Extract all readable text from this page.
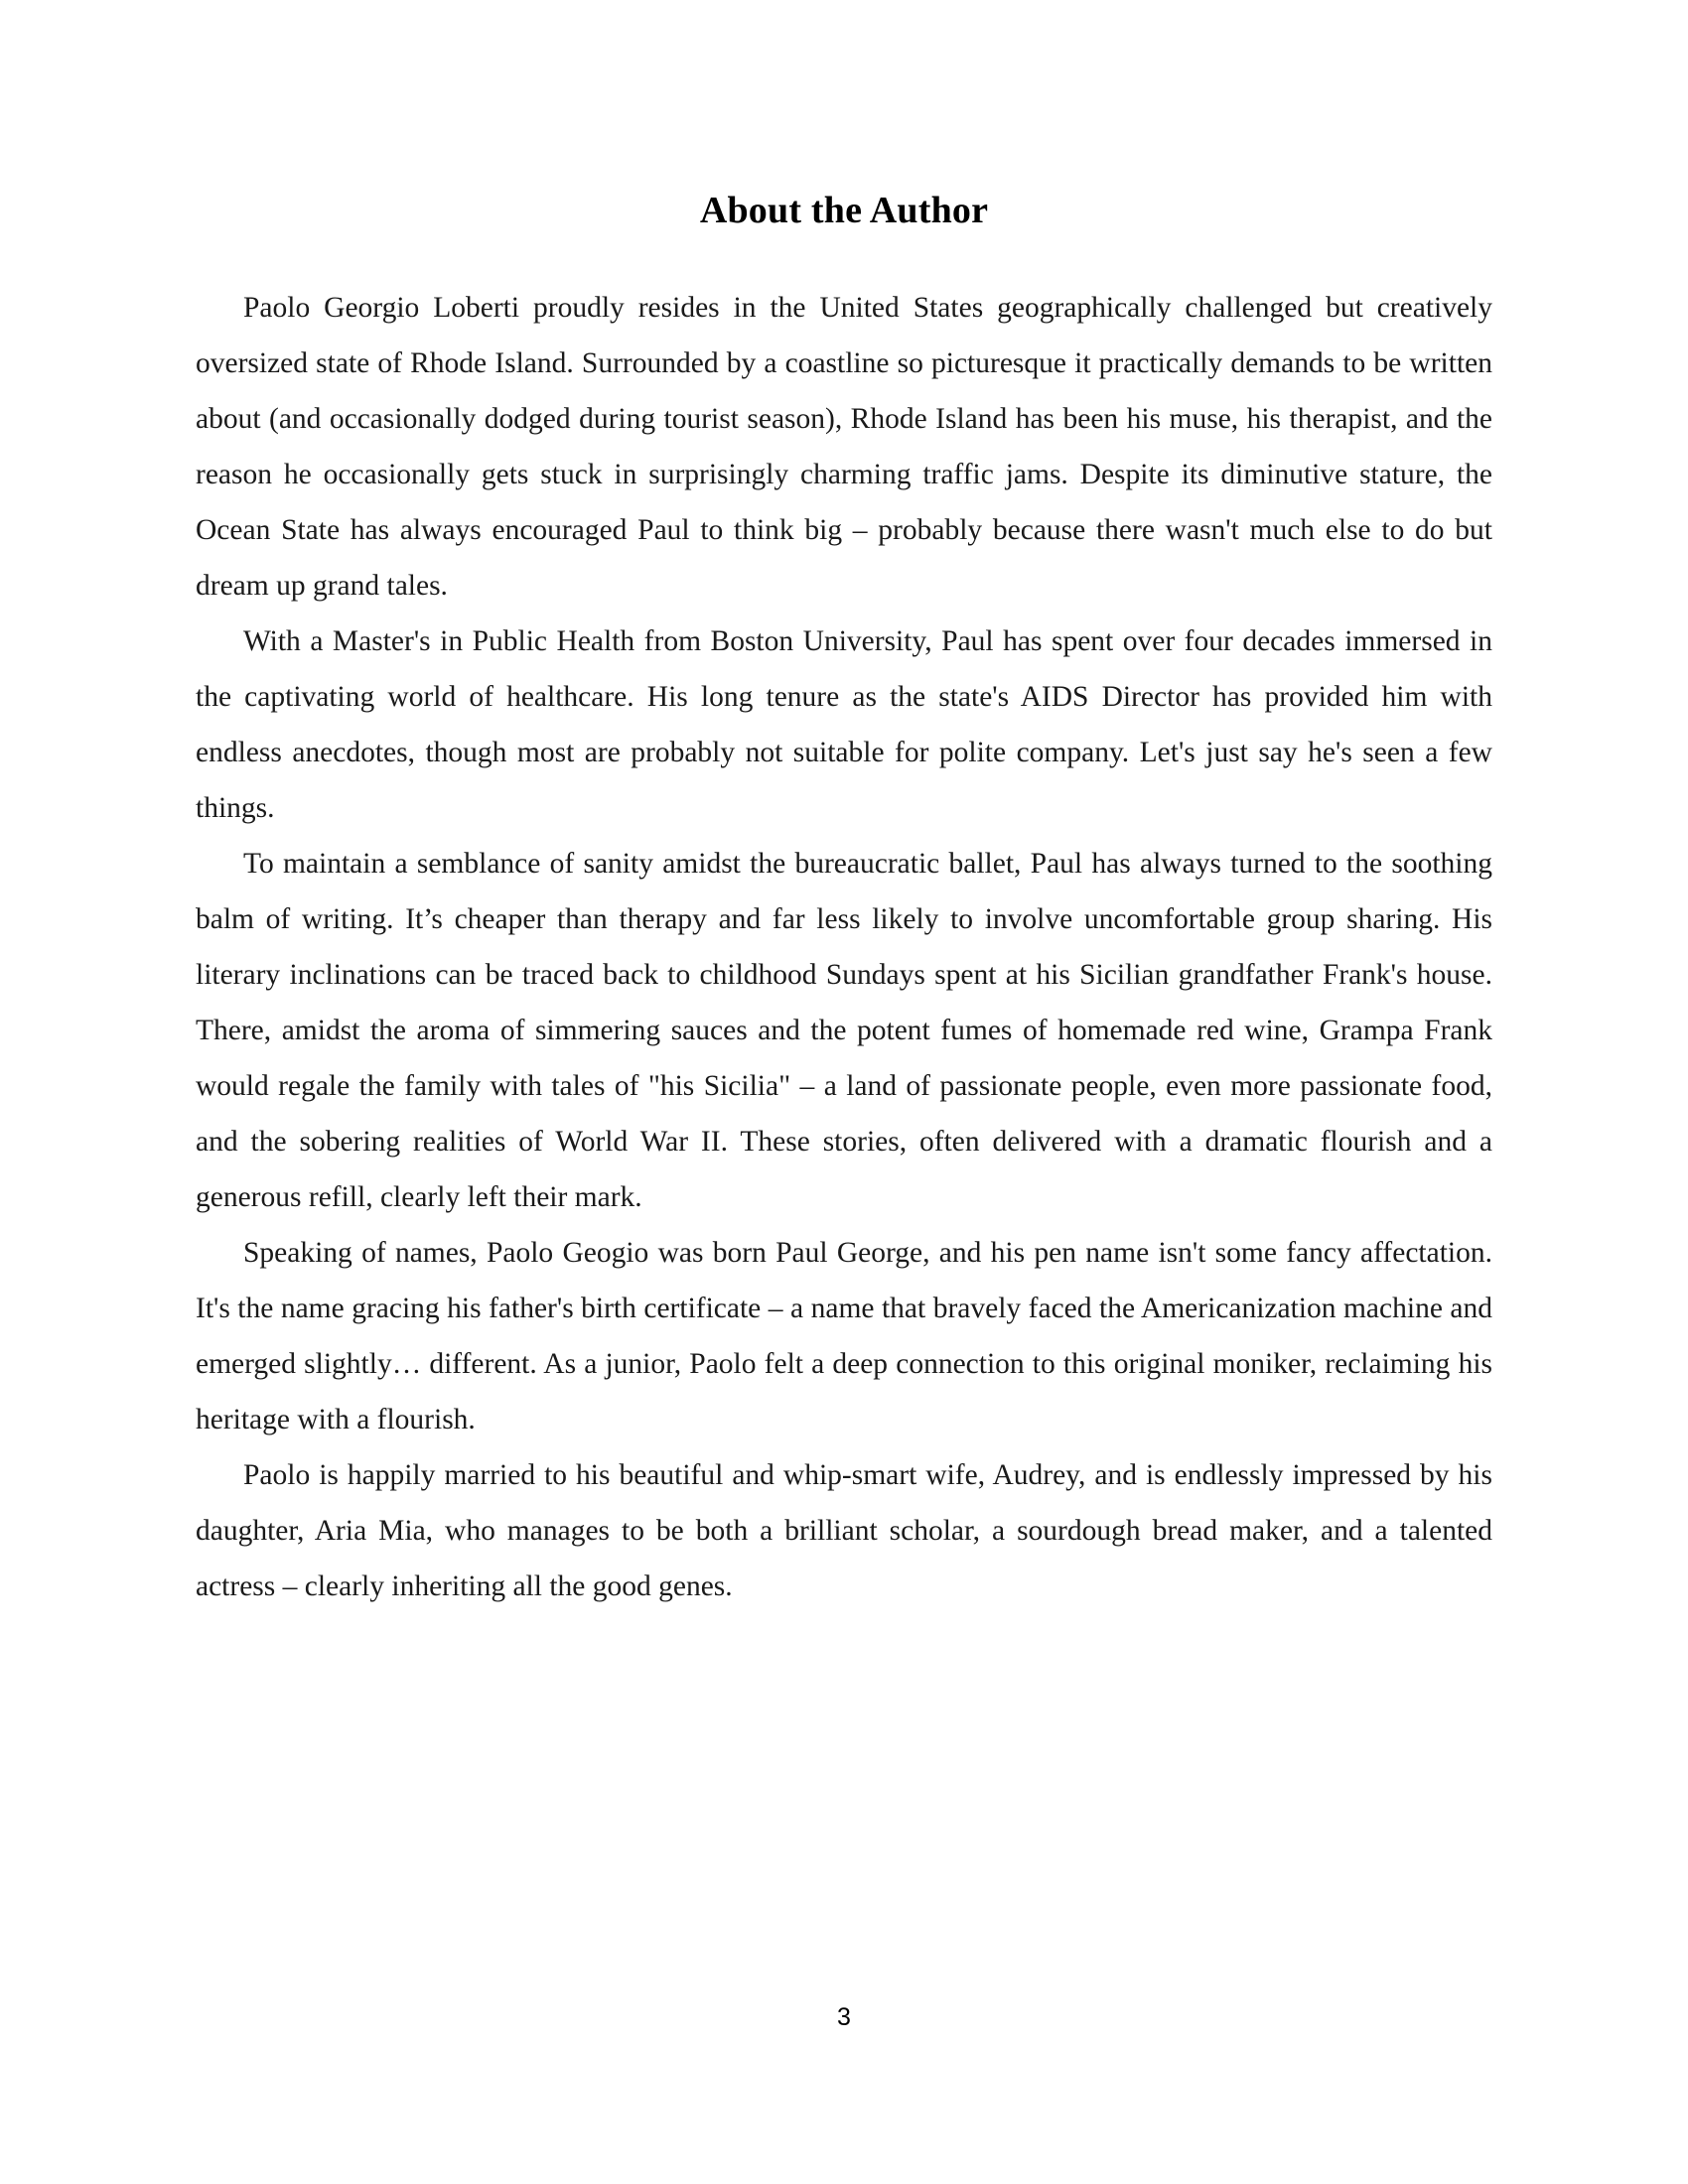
About the Author

Paolo Georgio Loberti proudly resides in the United States geographically challenged but creatively oversized state of Rhode Island. Surrounded by a coastline so picturesque it practically demands to be written about (and occasionally dodged during tourist season), Rhode Island has been his muse, his therapist, and the reason he occasionally gets stuck in surprisingly charming traffic jams. Despite its diminutive stature, the Ocean State has always encouraged Paul to think big – probably because there wasn't much else to do but dream up grand tales.

With a Master's in Public Health from Boston University, Paul has spent over four decades immersed in the captivating world of healthcare. His long tenure as the state's AIDS Director has provided him with endless anecdotes, though most are probably not suitable for polite company. Let's just say he's seen a few things.

To maintain a semblance of sanity amidst the bureaucratic ballet, Paul has always turned to the soothing balm of writing. It’s cheaper than therapy and far less likely to involve uncomfortable group sharing. His literary inclinations can be traced back to childhood Sundays spent at his Sicilian grandfather Frank's house. There, amidst the aroma of simmering sauces and the potent fumes of homemade red wine, Grampa Frank would regale the family with tales of "his Sicilia" – a land of passionate people, even more passionate food, and the sobering realities of World War II. These stories, often delivered with a dramatic flourish and a generous refill, clearly left their mark.

Speaking of names, Paolo Geogio was born Paul George, and his pen name isn't some fancy affectation. It's the name gracing his father's birth certificate – a name that bravely faced the Americanization machine and emerged slightly… different. As a junior, Paolo felt a deep connection to this original moniker, reclaiming his heritage with a flourish.

Paolo is happily married to his beautiful and whip-smart wife, Audrey, and is endlessly impressed by his daughter, Aria Mia, who manages to be both a brilliant scholar, a sourdough bread maker, and a talented actress – clearly inheriting all the good genes.

3
